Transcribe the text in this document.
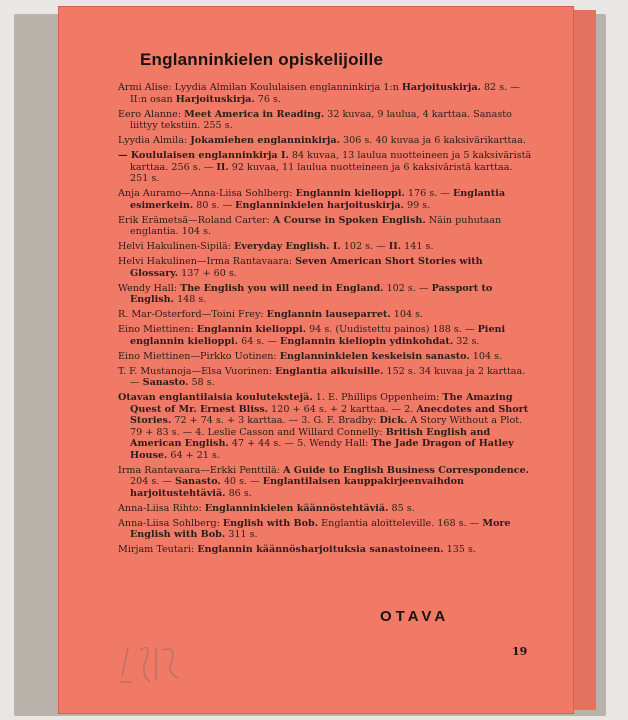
Englanninkielen opiskelijoille
Armi Alise: Lyydia Almilan Koululaisen englanninkirja 1:n Harjoituskirja. 82 s. — II:n osan Harjoituskirja. 76 s.
Eero Alanne: Meet America in Reading. 32 kuvaa, 9 laulua, 4 karttaa. Sanasto liittyy tekstiin. 255 s.
Lyydia Almila: Jokamiehen englanninkirja. 306 s. 40 kuvaa ja 6 kaksivärikarttaa.
— Koululaisen englanninkirja I. 84 kuvaa, 13 laulua nuotteineen ja 5 kaksiväristä karttaa. 256 s. — II. 92 kuvaa, 11 laulua nuotteineen ja 6 kaksiväristä karttaa. 251 s.
Anja Auramo—Anna-Liisa Sohlberg: Englannin kielioppi. 176 s. — Englantia esimerkein. 80 s. — Englanninkielen harjoituskirja. 99 s.
Erik Erämetsä—Roland Carter: A Course in Spoken English. Näin puhutaan englantia. 104 s.
Helvi Hakulinen-Sipilä: Everyday English. I. 102 s. — II. 141 s.
Helvi Hakulinen—Irma Rantavaara: Seven American Short Stories with Glossary. 137 + 60 s.
Wendy Hall: The English you will need in England. 102 s. — Passport to English. 148 s.
R. Mar-Osterford—Toini Frey: Englannin lauseparret. 104 s.
Eino Miettinen: Englannin kielioppi. 94 s. (Uudistettu painos) 188 s. — Pieni englannin kielioppi. 64 s. — Englannin kieliopin ydinkohdat. 32 s.
Eino Miettinen—Pirkko Uotinen: Englanninkielen keskeisin sanasto. 104 s.
T. F. Mustanoja—Elsa Vuorinen: Englantia aikuisille. 152 s. 34 kuvaa ja 2 karttaa. — Sanasto. 58 s.
Otavan englantilaisia koulutekstejä. 1. E. Phillips Oppenheim: The Amazing Quest of Mr. Ernest Bliss. 120 + 64 s. + 2 karttaa. — 2. Anecdotes and Short Stories. 72 + 74 s. + 3 karttaa. — 3. G. F. Bradby: Dick. A Story Without a Plot. 79 + 83 s. — 4. Leslie Casson and Willard Connelly: British English and American English. 47 + 44 s. — 5. Wendy Hall: The Jade Dragon of Hatley House. 64 + 21 s.
Irma Rantavaara—Erkki Penttilä: A Guide to English Business Correspondence. 204 s. — Sanasto. 40 s. — Englantilaisen kauppakirjeenvaihdon harjoitustehtäviä. 86 s.
Anna-Liisa Rihto: Englanninkielen käännöstehtäviä. 85 s.
Anna-Liisa Sohlberg: English with Bob. Englantia aloitteleville. 168 s. — More English with Bob. 311 s.
Mirjam Teutari: Englannin käännösharjoituksia sanastoineen. 135 s.
OTAVA
19
